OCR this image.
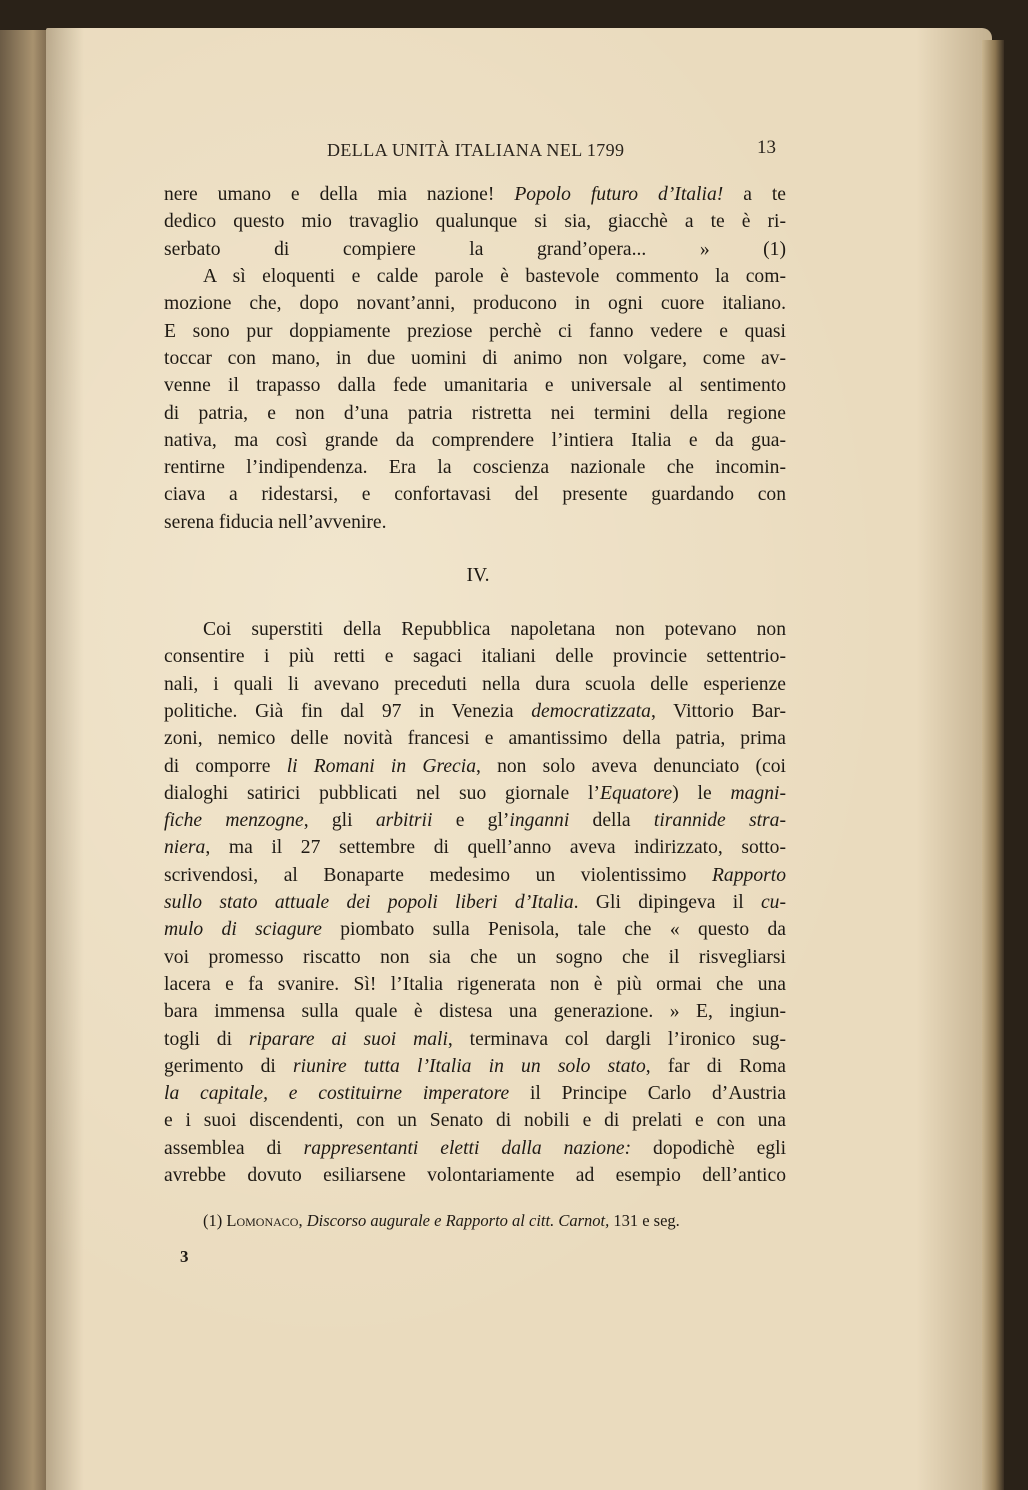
DELLA UNITÀ ITALIANA NEL 1799	13
nere umano e della mia nazione! Popolo futuro d’Italia! a te
dedico questo mio travaglio qualunque si sia, giacchè a te è ri-
serbato di compiere la grand’opera... » (1)
A sì eloquenti e calde parole è bastevole commento la com-
mozione che, dopo novant’anni, producono in ogni cuore italiano.
E sono pur doppiamente preziose perchè ci fanno vedere e quasi
toccar con mano, in due uomini di animo non volgare, come av-
venne il trapasso dalla fede umanitaria e universale al sentimento
di patria, e non d’una patria ristretta nei termini della regione
nativa, ma così grande da comprendere l’intiera Italia e da gua-
rentirne l’indipendenza. Era la coscienza nazionale che incomin-
ciava a ridestarsi, e confortavasi del presente guardando con
serena fiducia nell’avvenire.
Coi superstiti della Repubblica napoletana non potevano non
consentire i più retti e sagaci italiani delle provincie settentrio-
nali, i quali li avevano preceduti nella dura scuola delle esperienze
politiche. Già fin dal 97 in Venezia democratizzata, Vittorio Bar-
zoni, nemico delle novità francesi e amantissimo della patria, prima
di comporre li Romani in Grecia, non solo aveva denunciato (coi
dialoghi satirici pubblicati nel suo giornale l’Equatore) le magni-
fiche menzogne, gli arbitrii e gl’inganni della tirannide stra-
niera, ma il 27 settembre di quell’anno aveva indirizzato, sotto-
scrivendosi, al Bonaparte medesimo un violentissimo Rapporto
sullo stato attuale dei popoli liberi d’Italia. Gli dipingeva il cu-
mulo di sciagure piombato sulla Penisola, tale che « questo da
voi promesso riscatto non sia che un sogno che il risvegliarsi
lacera e fa svanire. Sì! l’Italia rigenerata non è più ormai che una
bara immensa sulla quale è distesa una generazione. » E, ingiun-
togli di riparare ai suoi mali, terminava col dargli l’ironico sug-
gerimento di riunire tutta l’Italia in un solo stato, far di Roma
la capitale, e costituirne imperatore il Principe Carlo d’Austria
e i suoi discendenti, con un Senato di nobili e di prelati e con una
assemblea di rappresentanti eletti dalla nazione: dopodichè egli
avrebbe dovuto esiliarsene volontariamente ad esempio dell’antico
IV.
(1) Lomonaco, Discorso augurale e Rapporto al citt. Carnot, 131 e seg.
3
